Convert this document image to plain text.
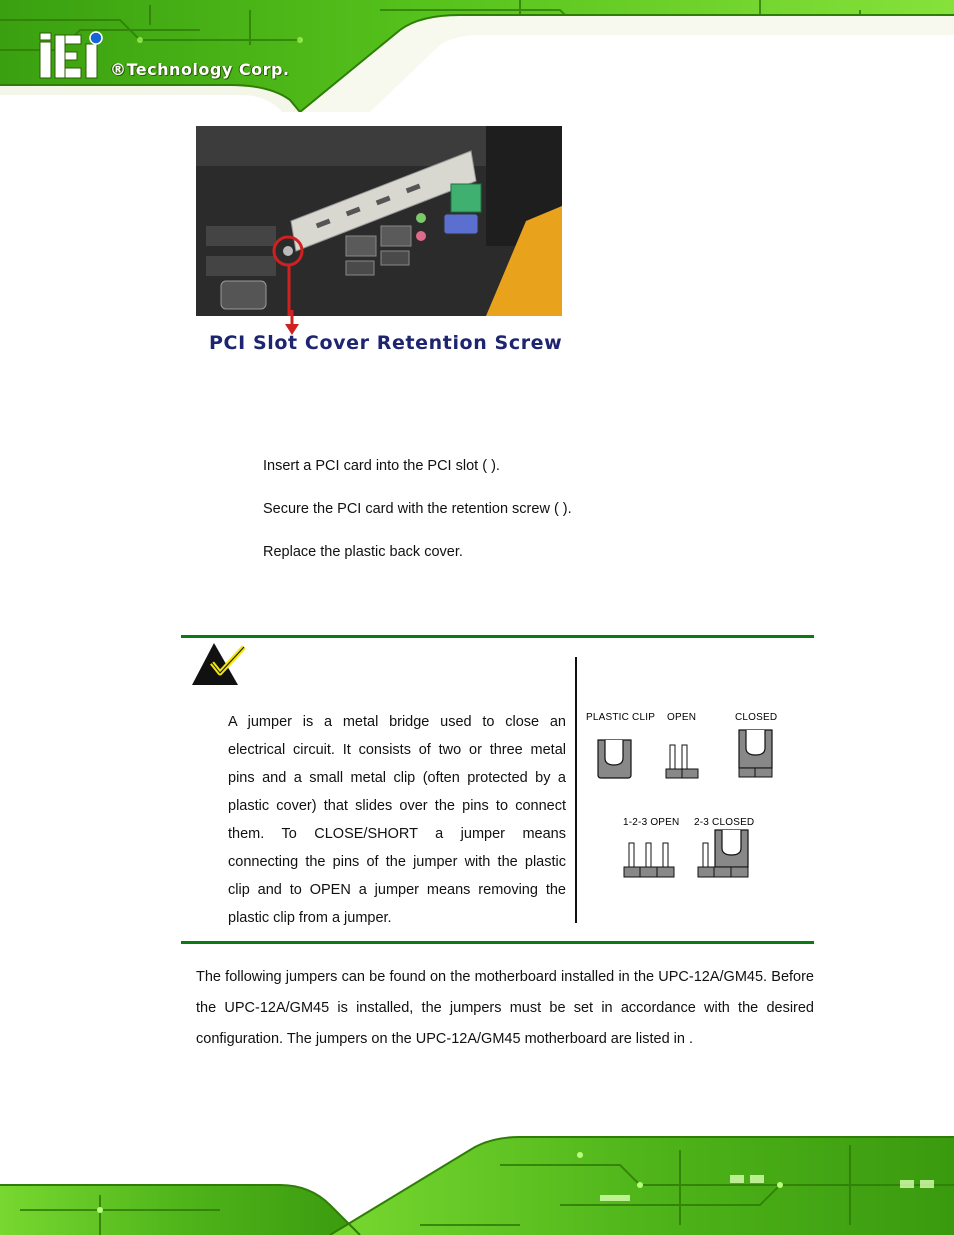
®Technology Corp.
PCI Slot Cover Retention Screw
Insert a PCI card into the PCI slot ( ).
Secure the PCI card with the retention screw ( ).
Replace the plastic back cover.
A jumper is a metal bridge used to close an electrical circuit. It consists of two or three metal pins and a small metal clip (often protected by a plastic cover) that slides over the pins to connect them. To CLOSE/SHORT a jumper means connecting the pins of the jumper with the plastic clip and to OPEN a jumper means removing the plastic clip from a jumper.
PLASTIC CLIP OPEN	CLOSED
1-2-3 OPEN 2-3 CLOSED
The following jumpers can be found on the motherboard installed in the UPC-12A/GM45. Before the UPC-12A/GM45 is installed, the jumpers must be set in accordance with the desired configuration. The jumpers on the UPC-12A/GM45 motherboard are listed in .
